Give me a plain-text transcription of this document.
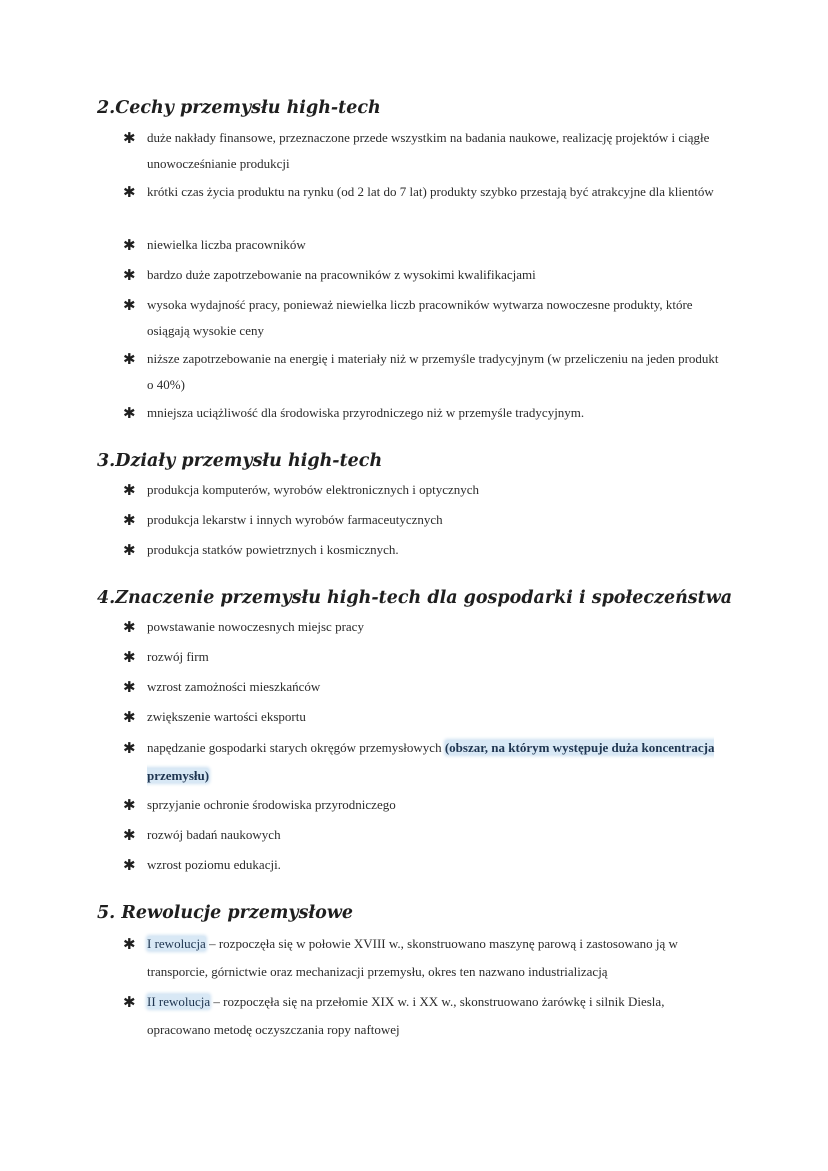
2.Cechy przemysłu high-tech
✱ duże nakłady finansowe, przeznaczone przede wszystkim na badania naukowe, realizację projektów i ciągłe unowocześnianie produkcji
✱ krótki czas życia produktu na rynku (od 2 lat do 7 lat) produkty szybko przestają być atrakcyjne dla klientów
✱ niewielka liczba pracowników
✱ bardzo duże zapotrzebowanie na pracowników z wysokimi kwalifikacjami
✱ wysoka wydajność pracy, ponieważ niewielka liczb pracowników wytwarza nowoczesne produkty, które osiągają wysokie ceny
✱ niższe zapotrzebowanie na energię i materiały niż w przemyśle tradycyjnym (w przeliczeniu na jeden produkt o 40%)
✱ mniejsza uciążliwość dla środowiska przyrodniczego niż w przemyśle tradycyjnym.
3.Działy przemysłu high-tech
✱ produkcja komputerów, wyrobów elektronicznych i optycznych
✱ produkcja lekarstw i innych wyrobów farmaceutycznych
✱ produkcja statków powietrznych i kosmicznych.
4.Znaczenie przemysłu high-tech dla gospodarki i społeczeństwa
✱ powstawanie nowoczesnych miejsc pracy
✱ rozwój firm
✱ wzrost zamożności mieszkańców
✱ zwiększenie wartości eksportu
✱ napędzanie gospodarki starych okręgów przemysłowych (obszar, na którym występuje duża koncentracja przemysłu)
✱ sprzyjanie ochronie środowiska przyrodniczego
✱ rozwój badań naukowych
✱ wzrost poziomu edukacji.
5. Rewolucje przemysłowe
✱ I rewolucja – rozpoczęła się w połowie XVIII w., skonstruowano maszynę parową i zastosowano ją w transporcie, górnictwie oraz mechanizacji przemysłu, okres ten nazwano industrializacją
✱ II rewolucja – rozpoczęła się na przełomie XIX w. i XX w., skonstruowano żarówkę i silnik Diesla, opracowano metodę oczyszczania ropy naftowej
